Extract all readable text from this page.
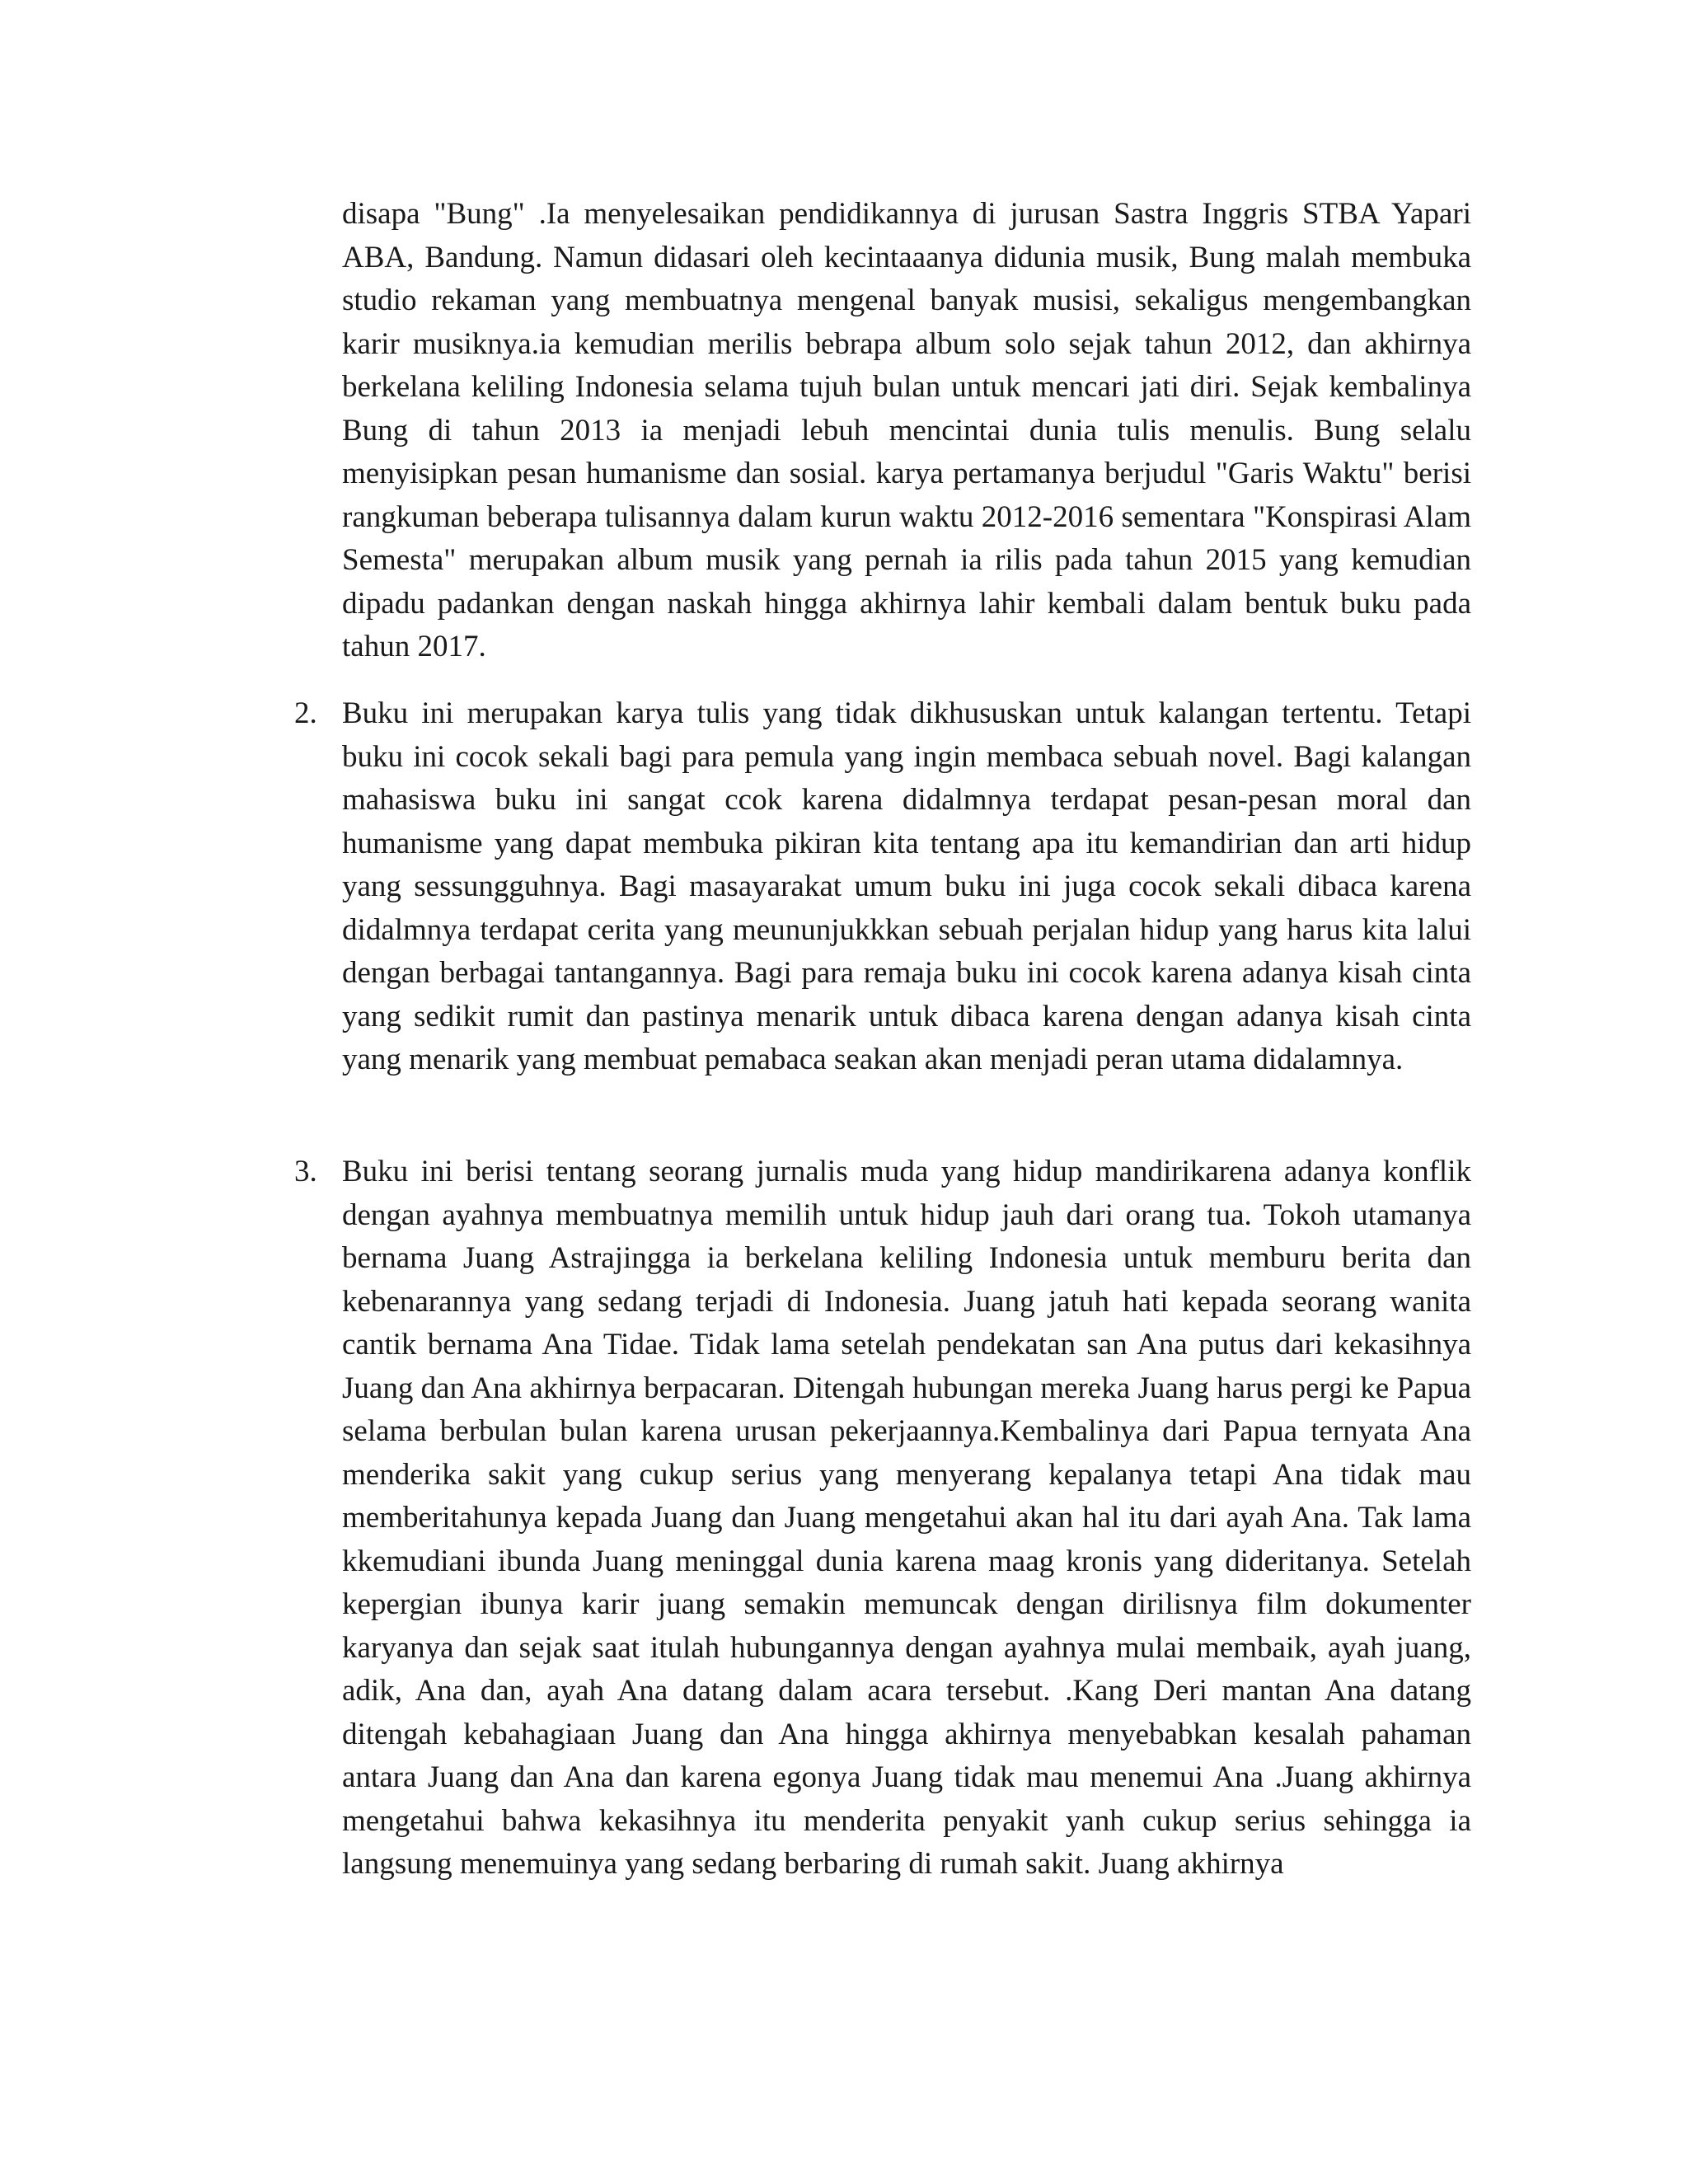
disapa "Bung" .Ia menyelesaikan pendidikannya di jurusan Sastra Inggris STBA Yapari ABA, Bandung. Namun didasari oleh kecintaaanya didunia musik, Bung malah membuka studio rekaman yang membuatnya mengenal banyak musisi, sekaligus mengembangkan karir musiknya.ia kemudian merilis bebrapa album solo sejak tahun 2012, dan akhirnya berkelana keliling Indonesia selama tujuh bulan untuk mencari jati diri. Sejak kembalinya Bung di tahun 2013 ia menjadi lebuh mencintai dunia tulis menulis. Bung selalu menyisipkan pesan humanisme dan sosial. karya pertamanya berjudul "Garis Waktu" berisi rangkuman beberapa tulisannya dalam kurun waktu 2012-2016 sementara "Konspirasi Alam Semesta" merupakan album musik yang pernah ia rilis pada tahun 2015 yang kemudian dipadu padankan dengan naskah hingga akhirnya lahir kembali dalam bentuk buku pada tahun 2017.
2. Buku ini merupakan karya tulis yang tidak dikhususkan untuk kalangan tertentu. Tetapi buku ini cocok sekali bagi para pemula yang ingin membaca sebuah novel. Bagi kalangan mahasiswa buku ini sangat ccok karena didalmnya terdapat pesan-pesan moral dan humanisme yang dapat membuka pikiran kita tentang apa itu kemandirian dan arti hidup yang sessungguhnya. Bagi masayarakat umum buku ini juga cocok sekali dibaca karena didalmnya terdapat cerita yang meununjukkkan sebuah perjalan hidup yang harus kita lalui dengan berbagai tantangannya. Bagi para remaja buku ini cocok karena adanya kisah cinta yang sedikit rumit dan pastinya menarik untuk dibaca karena dengan adanya kisah cinta yang menarik yang membuat pemabaca seakan akan menjadi peran utama didalamnya.
3. Buku ini berisi tentang seorang jurnalis muda yang hidup mandirikarena adanya konflik dengan ayahnya membuatnya memilih untuk hidup jauh dari orang tua. Tokoh utamanya bernama Juang Astrajingga ia berkelana keliling Indonesia untuk memburu berita dan kebenarannya yang sedang terjadi di Indonesia. Juang jatuh hati kepada seorang wanita cantik bernama Ana Tidae. Tidak lama setelah pendekatan san Ana putus dari kekasihnya Juang dan Ana akhirnya berpacaran. Ditengah hubungan mereka Juang harus pergi ke Papua selama berbulan bulan karena urusan pekerjaannya.Kembalinya dari Papua ternyata Ana menderika sakit yang cukup serius yang menyerang kepalanya tetapi Ana tidak mau memberitahunya kepada Juang dan Juang mengetahui akan hal itu dari ayah Ana. Tak lama kkemudiani ibunda Juang meninggal dunia karena maag kronis yang dideritanya. Setelah kepergian ibunya karir juang semakin memuncak dengan dirilisnya film dokumenter karyanya dan sejak saat itulah hubungannya dengan ayahnya mulai membaik, ayah juang, adik, Ana dan, ayah Ana datang dalam acara tersebut. .Kang Deri mantan Ana datang ditengah kebahagiaan Juang dan Ana hingga akhirnya menyebabkan kesalah pahaman antara Juang dan Ana dan karena egonya Juang tidak mau menemui Ana .Juang akhirnya mengetahui bahwa kekasihnya itu menderita penyakit yanh cukup serius sehingga ia langsung menemuinya yang sedang berbaring di rumah sakit. Juang akhirnya
